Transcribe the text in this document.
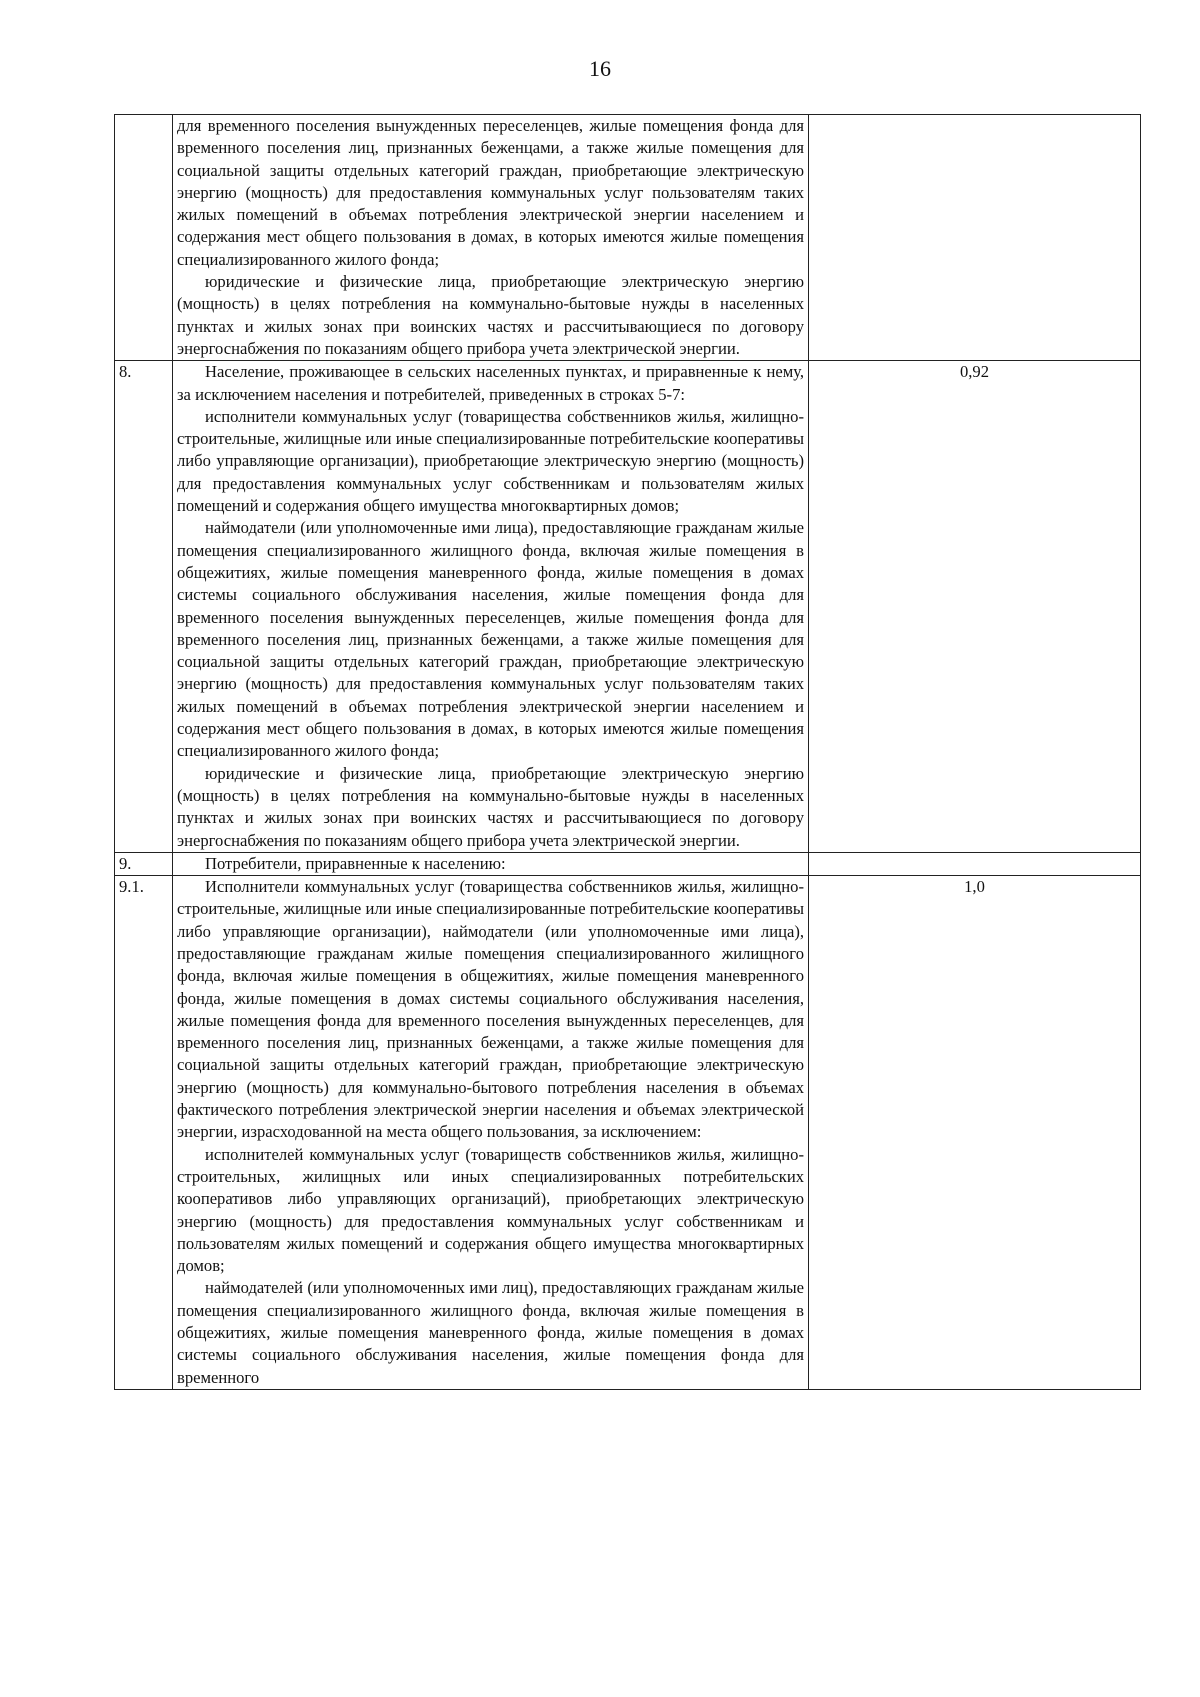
16

	для временного поселения вынужденных переселенцев, жилые помещения фонда для временного поселения лиц, признанных беженцами, а также жилые помещения для социальной защиты отдельных категорий граждан, приобретающие электрическую энергию (мощность) для предоставления коммунальных услуг пользователям таких жилых помещений в объемах потребления электрической энергии населением и содержания мест общего пользования в домах, в которых имеются жилые помещения специализированного жилого фонда;
юридические и физические лица, приобретающие электрическую энергию (мощность) в целях потребления на коммунально-бытовые нужды в населенных пунктах и жилых зонах при воинских частях и рассчитывающиеся по договору энергоснабжения по показаниям общего прибора учета электрической энергии.	

8.	Население, проживающее в сельских населенных пунктах, и приравненные к нему, за исключением населения и потребителей, приведенных в строках 5-7:
исполнители коммунальных услуг (товарищества собственников жилья, жилищно-строительные, жилищные или иные специализированные потребительские кооперативы либо управляющие организации), приобретающие электрическую энергию (мощность) для предоставления коммунальных услуг собственникам и пользователям жилых помещений и содержания общего имущества многоквартирных домов;
наймодатели (или уполномоченные ими лица), предоставляющие гражданам жилые помещения специализированного жилищного фонда, включая жилые помещения в общежитиях, жилые помещения маневренного фонда, жилые помещения в домах системы социального обслуживания населения, жилые помещения фонда для временного поселения вынужденных переселенцев, жилые помещения фонда для временного поселения лиц, признанных беженцами, а также жилые помещения для социальной защиты отдельных категорий граждан, приобретающие электрическую энергию (мощность) для предоставления коммунальных услуг пользователям таких жилых помещений в объемах потребления электрической энергии населением и содержания мест общего пользования в домах, в которых имеются жилые помещения специализированного жилого фонда;
юридические и физические лица, приобретающие электрическую энергию (мощность) в целях потребления на коммунально-бытовые нужды в населенных пунктах и жилых зонах при воинских частях и рассчитывающиеся по договору энергоснабжения по показаниям общего прибора учета электрической энергии.	0,92
9.	Потребители, приравненные к населению:	

9.1.	Исполнители коммунальных услуг (товарищества собственников жилья, жилищно-строительные, жилищные или иные специализированные потребительские кооперативы либо управляющие организации), наймодатели (или уполномоченные ими лица), предоставляющие гражданам жилые помещения специализированного жилищного фонда, включая жилые помещения в общежитиях, жилые помещения маневренного фонда, жилые помещения в домах системы социального обслуживания населения, жилые помещения фонда для временного поселения вынужденных переселенцев, для временного поселения лиц, признанных беженцами, а также жилые помещения для социальной защиты отдельных категорий граждан, приобретающие электрическую энергию (мощность) для коммунально-бытового потребления населения в объемах фактического потребления электрической энергии населения и объемах электрической энергии, израсходованной на места общего пользования, за исключением:
исполнителей коммунальных услуг (товариществ собственников жилья, жилищно-строительных, жилищных или иных специализированных потребительских кооперативов либо управляющих организаций), приобретающих электрическую энергию (мощность) для предоставления коммунальных услуг собственникам и пользователям жилых помещений и содержания общего имущества многоквартирных домов;
наймодателей (или уполномоченных ими лиц), предоставляющих гражданам жилые помещения специализированного жилищного фонда, включая жилые помещения в общежитиях, жилые помещения маневренного фонда, жилые помещения в домах системы социального обслуживания населения, жилые помещения фонда для временного	1,0
